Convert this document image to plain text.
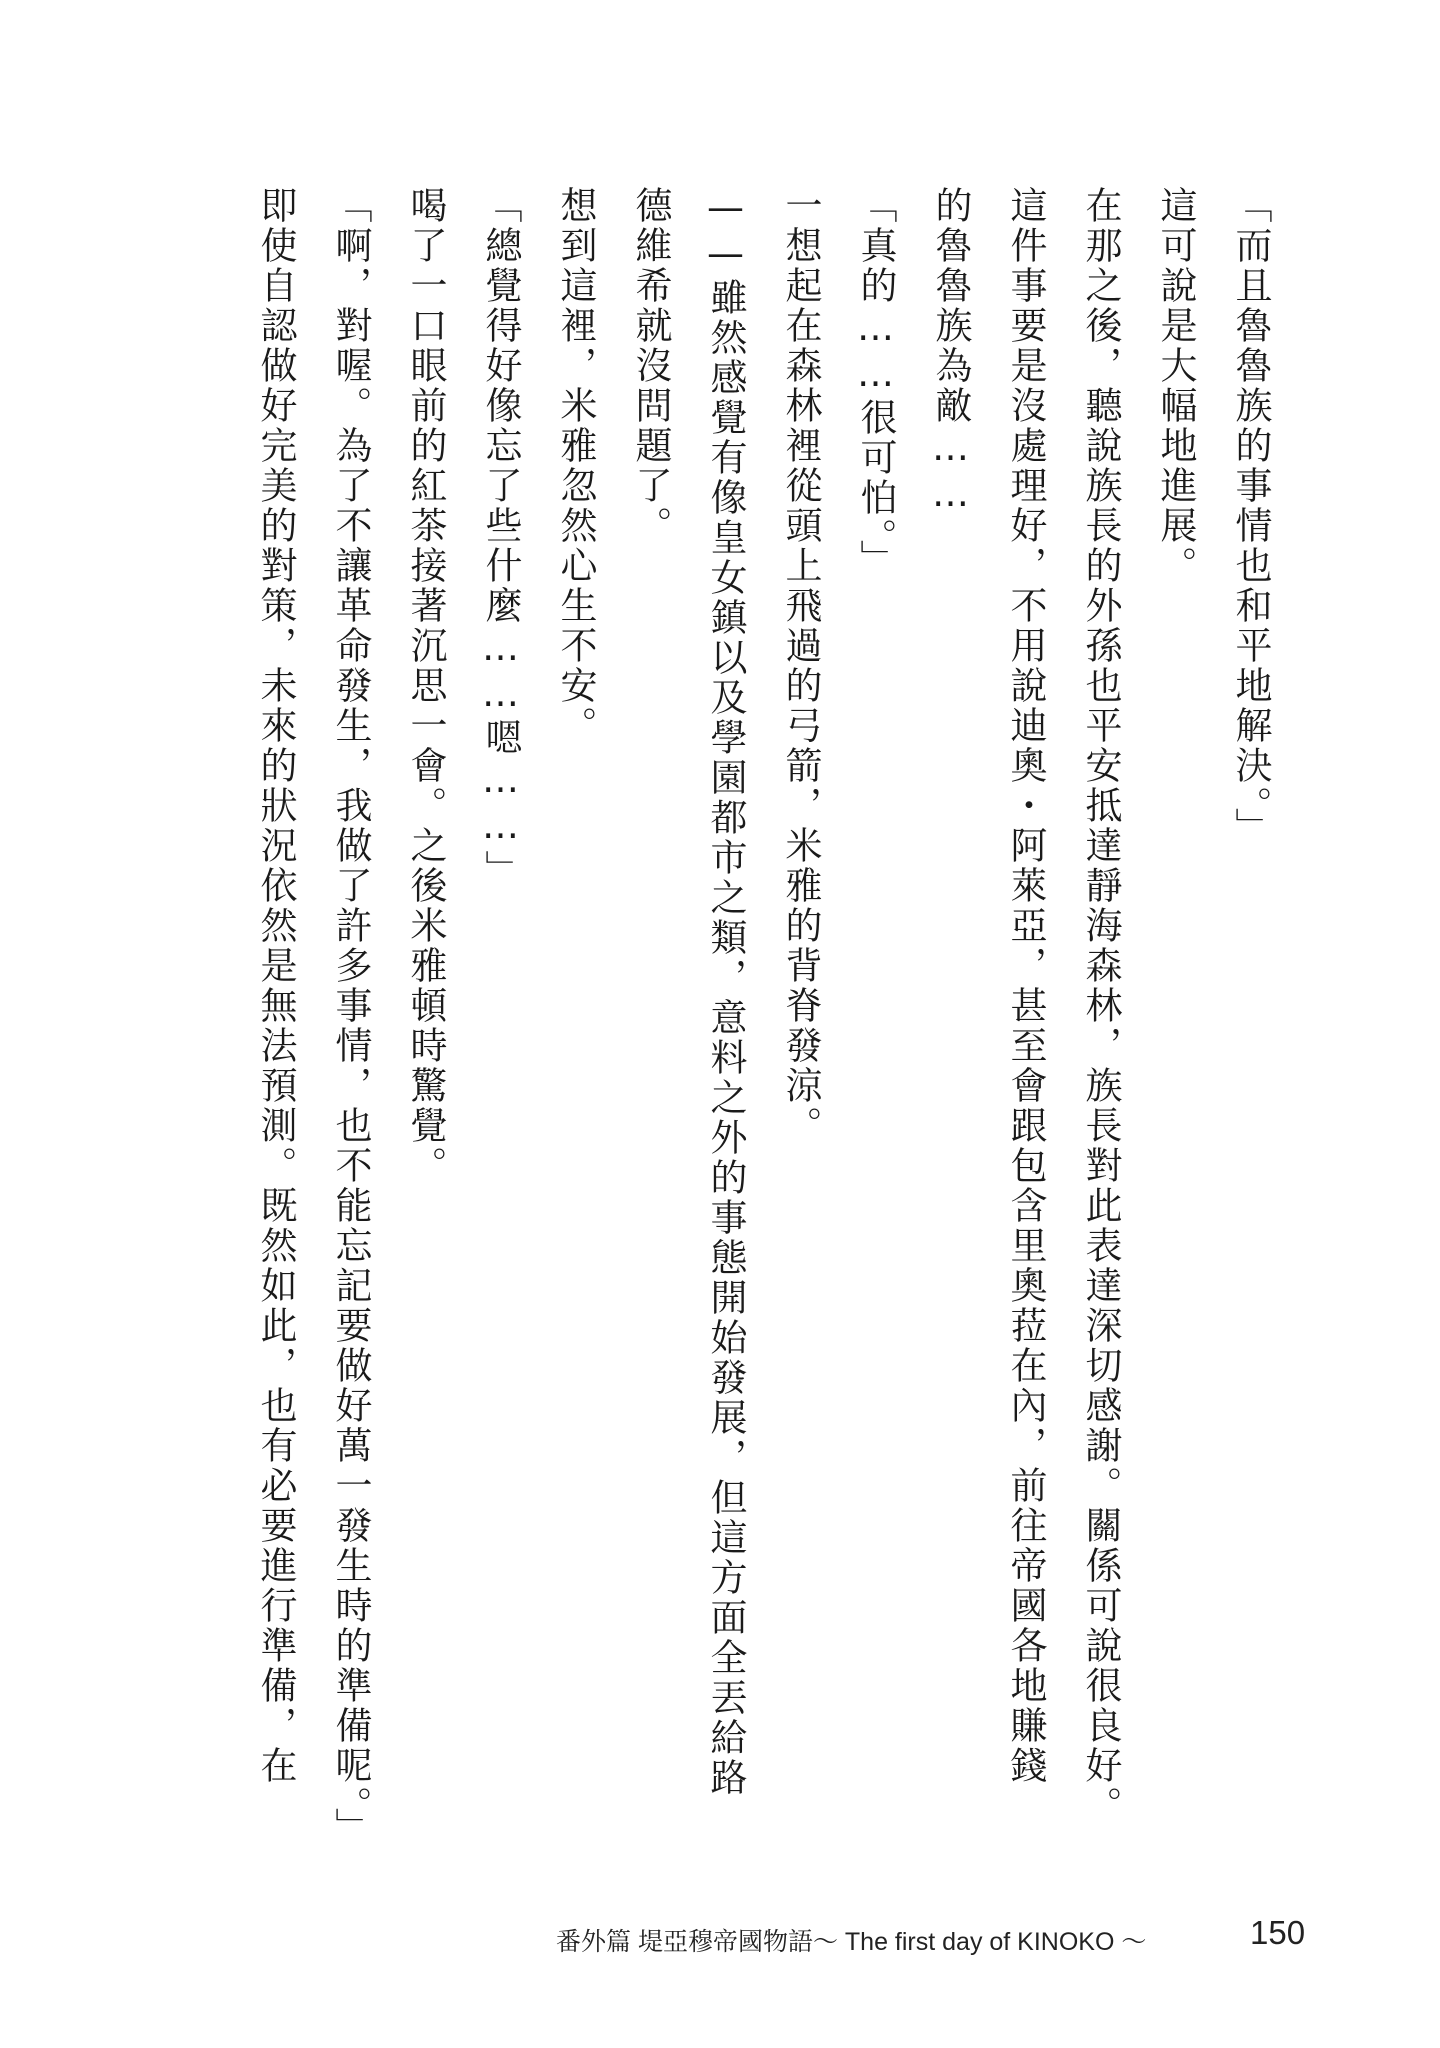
「而且魯魯族的事情也和平地解決。」
這可說是大幅地進展。
在那之後，聽說族長的外孫也平安抵達靜海森林，族長對此表達深切感謝。關係可說很良好。
這件事要是沒處理好，不用說迪奧・阿萊亞，甚至會跟包含里奧菈在內，前往帝國各地賺錢
的魯魯族為敵……
「真的……很可怕。」
一想起在森林裡從頭上飛過的弓箭，米雅的背脊發涼。
——雖然感覺有像皇女鎮以及學園都市之類，意料之外的事態開始發展，但這方面全丟給路
德維希就沒問題了。
想到這裡，米雅忽然心生不安。
「總覺得好像忘了些什麼……嗯……」
喝了一口眼前的紅茶接著沉思一會。之後米雅頓時驚覺。
「啊，對喔。為了不讓革命發生，我做了許多事情，也不能忘記要做好萬一發生時的準備呢。」
即使自認做好完美的對策，未來的狀況依然是無法預測。既然如此，也有必要進行準備，在
番外篇 堤亞穆帝國物語～ The first day of KINOKO ～	150
